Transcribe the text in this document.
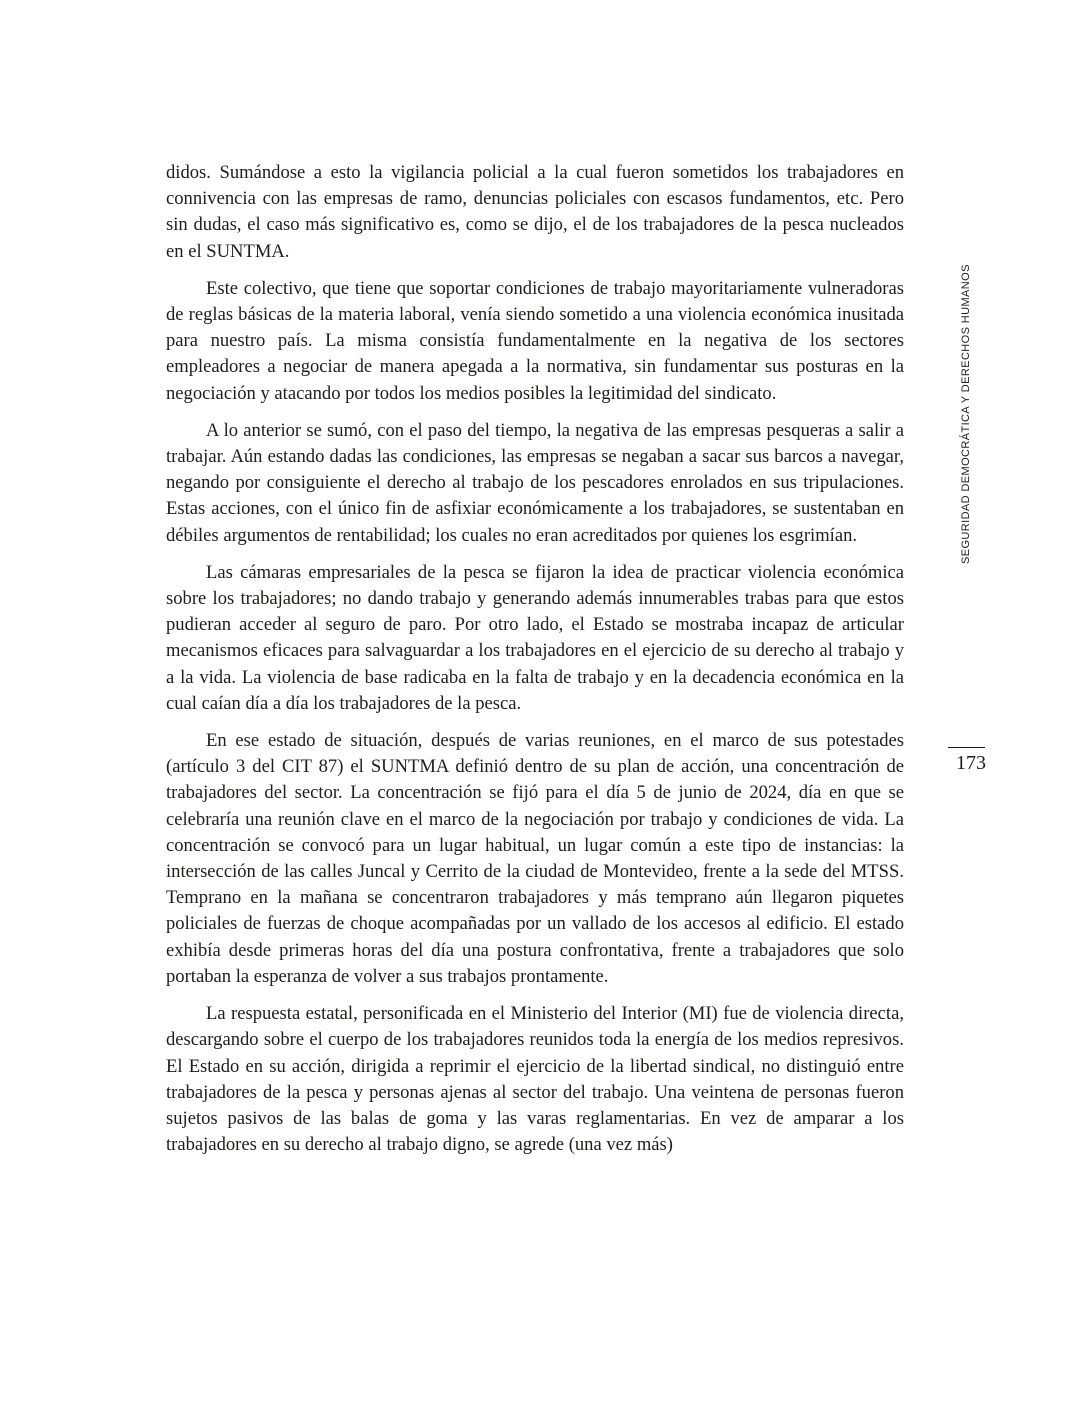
didos. Sumándose a esto la vigilancia policial a la cual fueron sometidos los trabajadores en connivencia con las empresas de ramo, denuncias policiales con escasos fundamentos, etc. Pero sin dudas, el caso más significativo es, como se dijo, el de los trabajadores de la pesca nucleados en el SUNTMA.

Este colectivo, que tiene que soportar condiciones de trabajo mayoritariamente vulneradoras de reglas básicas de la materia laboral, venía siendo sometido a una violencia económica inusitada para nuestro país. La misma consistía fundamentalmente en la negativa de los sectores empleadores a negociar de manera apegada a la normativa, sin fundamentar sus posturas en la negociación y atacando por todos los medios posibles la legitimidad del sindicato.

A lo anterior se sumó, con el paso del tiempo, la negativa de las empresas pesqueras a salir a trabajar. Aún estando dadas las condiciones, las empresas se negaban a sacar sus barcos a navegar, negando por consiguiente el derecho al trabajo de los pescadores enrolados en sus tripulaciones. Estas acciones, con el único fin de asfixiar económicamente a los trabajadores, se sustentaban en débiles argumentos de rentabilidad; los cuales no eran acreditados por quienes los esgrimían.

Las cámaras empresariales de la pesca se fijaron la idea de practicar violencia económica sobre los trabajadores; no dando trabajo y generando además innumerables trabas para que estos pudieran acceder al seguro de paro. Por otro lado, el Estado se mostraba incapaz de articular mecanismos eficaces para salvaguardar a los trabajadores en el ejercicio de su derecho al trabajo y a la vida. La violencia de base radicaba en la falta de trabajo y en la decadencia económica en la cual caían día a día los trabajadores de la pesca.

En ese estado de situación, después de varias reuniones, en el marco de sus potestades (artículo 3 del CIT 87) el SUNTMA definió dentro de su plan de acción, una concentración de trabajadores del sector. La concentración se fijó para el día 5 de junio de 2024, día en que se celebraría una reunión clave en el marco de la negociación por trabajo y condiciones de vida. La concentración se convocó para un lugar habitual, un lugar común a este tipo de instancias: la intersección de las calles Juncal y Cerrito de la ciudad de Montevideo, frente a la sede del MTSS. Temprano en la mañana se concentraron trabajadores y más temprano aún llegaron piquetes policiales de fuerzas de choque acompañadas por un vallado de los accesos al edificio. El estado exhibía desde primeras horas del día una postura confrontativa, frente a trabajadores que solo portaban la esperanza de volver a sus trabajos prontamente.

La respuesta estatal, personificada en el Ministerio del Interior (MI) fue de violencia directa, descargando sobre el cuerpo de los trabajadores reunidos toda la energía de los medios represivos. El Estado en su acción, dirigida a reprimir el ejercicio de la libertad sindical, no distinguió entre trabajadores de la pesca y personas ajenas al sector del trabajo. Una veintena de personas fueron sujetos pasivos de las balas de goma y las varas reglamentarias. En vez de amparar a los trabajadores en su derecho al trabajo digno, se agrede (una vez más)

SEGURIDAD DEMOCRÁTICA Y DERECHOS HUMANOS
173
